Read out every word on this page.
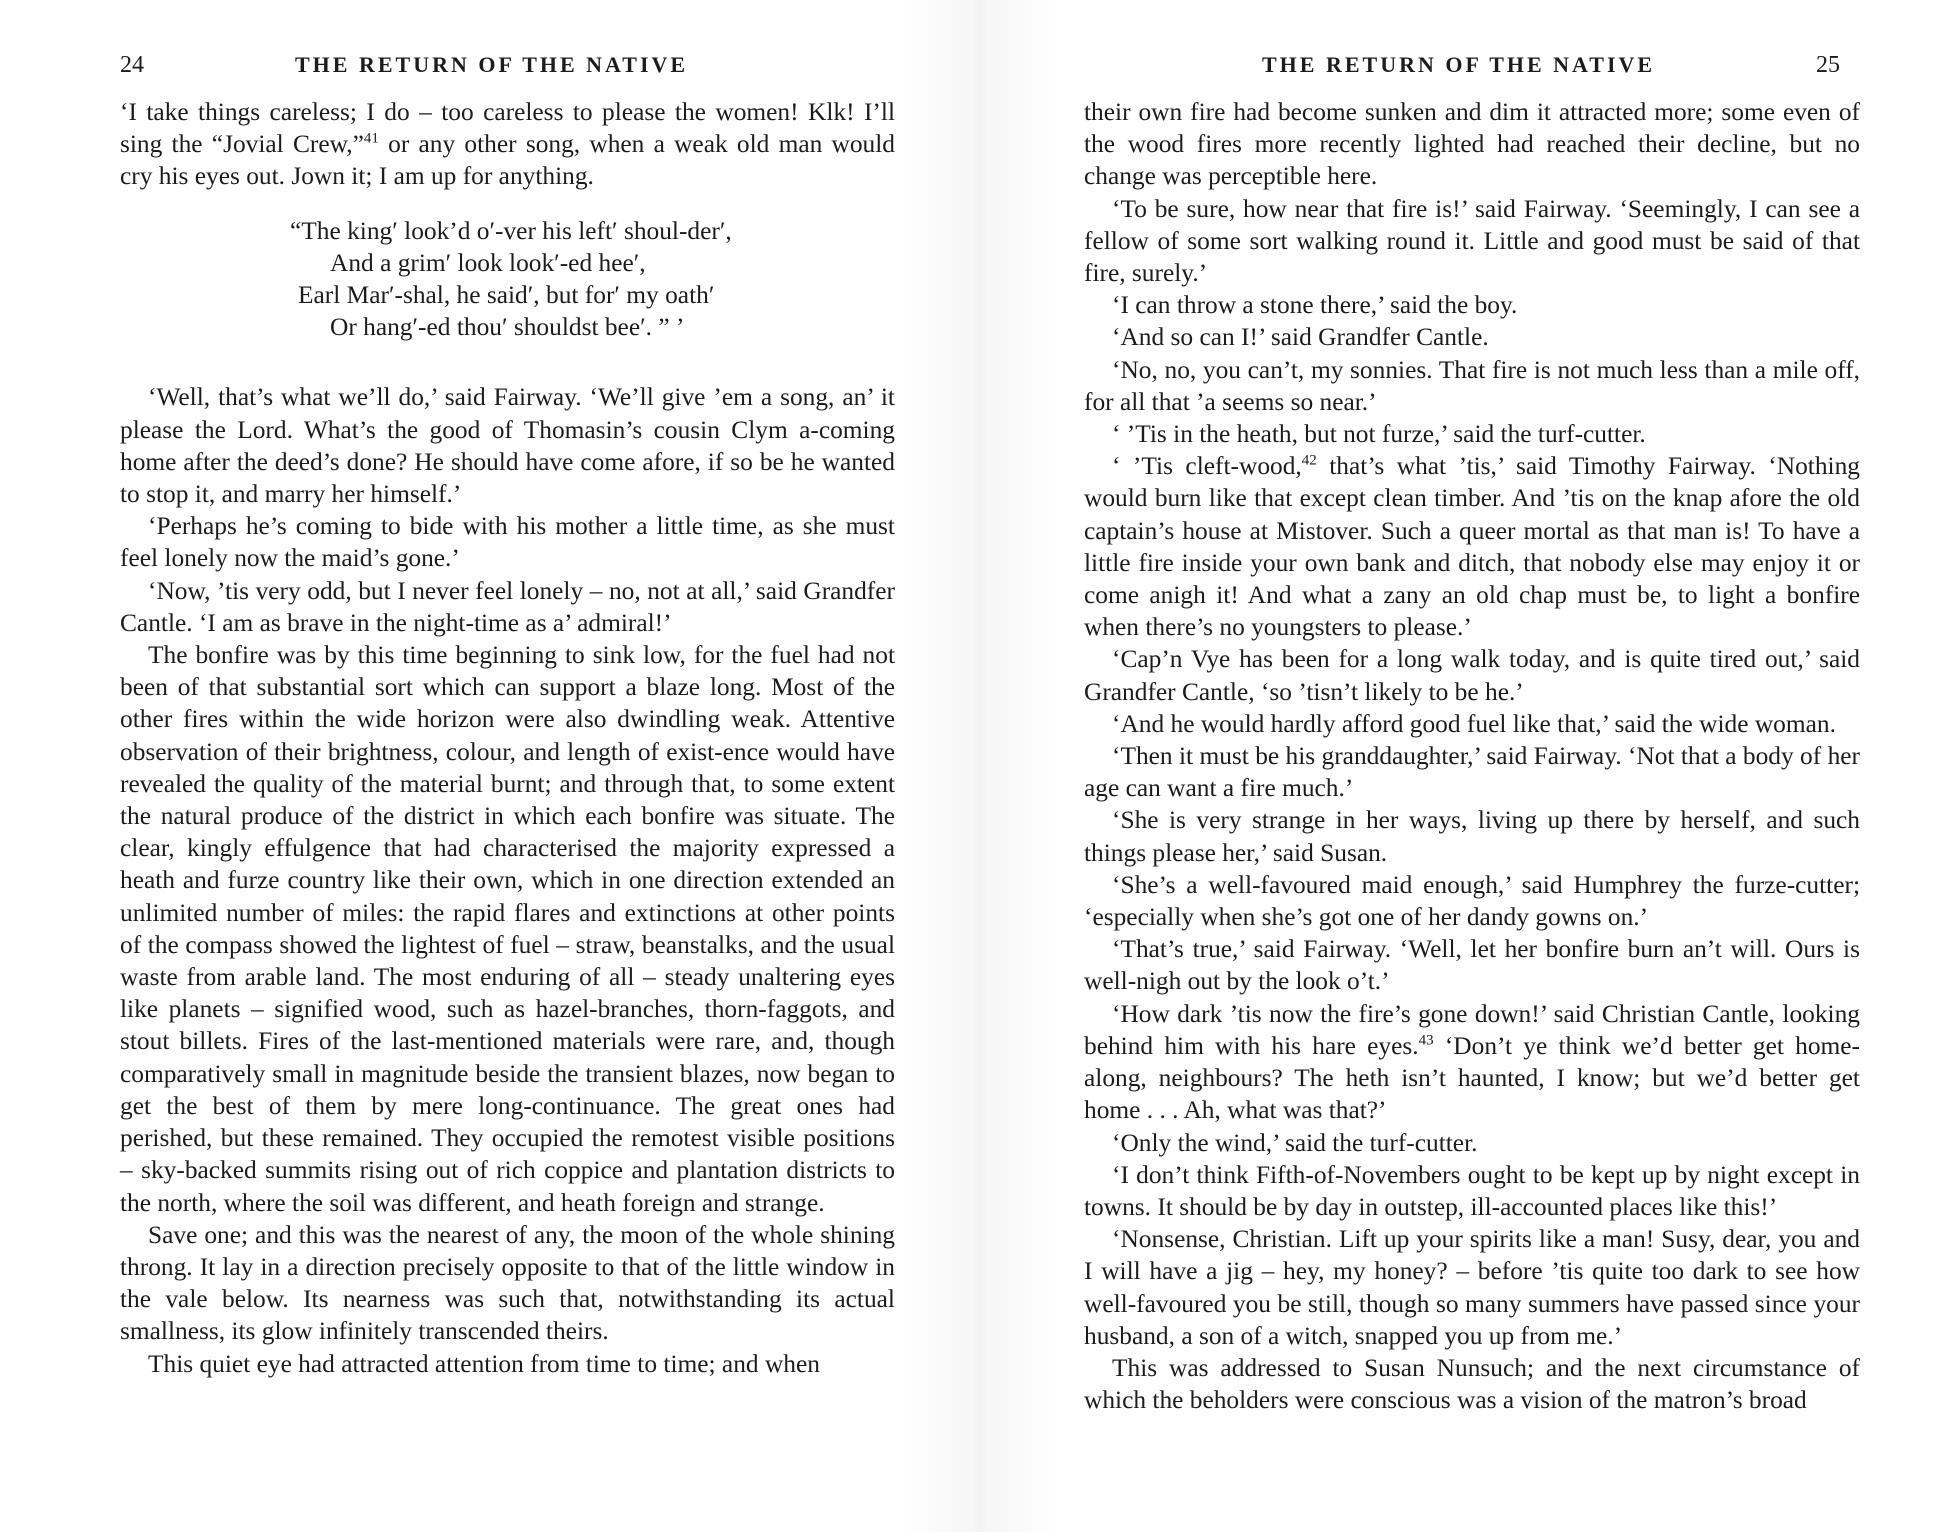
24	THE RETURN OF THE NATIVE

‘I take things careless; I do – too careless to please the women! Klk! I’ll sing the “Jovial Crew,”$^{41}$ or any other song, when a weak old man would cry his eyes out. Jown it; I am up for anything.

“The king′ look’d o′-ver his left′ shoul-der′,
And a grim′ look look′-ed hee′,
Earl Mar′-shal, he said′, but for′ my oath′
Or hang′-ed thou′ shouldst bee′. ” ’

‘Well, that’s what we’ll do,’ said Fairway. ‘We’ll give ’em a song, an’ it please the Lord. What’s the good of Thomasin’s cousin Clym a-coming home after the deed’s done? He should have come afore, if so be he wanted to stop it, and marry her himself.’

‘Perhaps he’s coming to bide with his mother a little time, as she must feel lonely now the maid’s gone.’

‘Now, ’tis very odd, but I never feel lonely – no, not at all,’ said Grandfer Cantle. ‘I am as brave in the night-time as a’ admiral!’

The bonfire was by this time beginning to sink low, for the fuel had not been of that substantial sort which can support a blaze long. Most of the other fires within the wide horizon were also dwindling weak. Attentive observation of their brightness, colour, and length of exist-ence would have revealed the quality of the material burnt; and through that, to some extent the natural produce of the district in which each bonfire was situate. The clear, kingly effulgence that had characterised the majority expressed a heath and furze country like their own, which in one direction extended an unlimited number of miles: the rapid flares and extinctions at other points of the compass showed the lightest of fuel – straw, beanstalks, and the usual waste from arable land. The most enduring of all – steady unaltering eyes like planets – signified wood, such as hazel-branches, thorn-faggots, and stout billets. Fires of the last-mentioned materials were rare, and, though comparatively small in magnitude beside the transient blazes, now began to get the best of them by mere long-continuance. The great ones had perished, but these remained. They occupied the remotest visible positions – sky-backed summits rising out of rich coppice and plantation districts to the north, where the soil was different, and heath foreign and strange.

Save one; and this was the nearest of any, the moon of the whole shining throng. It lay in a direction precisely opposite to that of the little window in the vale below. Its nearness was such that, notwithstanding its actual smallness, its glow infinitely transcended theirs.

This quiet eye had attracted attention from time to time; and when

THE RETURN OF THE NATIVE	25

their own fire had become sunken and dim it attracted more; some even of the wood fires more recently lighted had reached their decline, but no change was perceptible here.

‘To be sure, how near that fire is!’ said Fairway. ‘Seemingly, I can see a fellow of some sort walking round it. Little and good must be said of that fire, surely.’

‘I can throw a stone there,’ said the boy.

‘And so can I!’ said Grandfer Cantle.

‘No, no, you can’t, my sonnies. That fire is not much less than a mile off, for all that ’a seems so near.’

‘ ’Tis in the heath, but not furze,’ said the turf-cutter.

‘ ’Tis cleft-wood,$^{42}$ that’s what ’tis,’ said Timothy Fairway. ‘Nothing would burn like that except clean timber. And ’tis on the knap afore the old captain’s house at Mistover. Such a queer mortal as that man is! To have a little fire inside your own bank and ditch, that nobody else may enjoy it or come anigh it! And what a zany an old chap must be, to light a bonfire when there’s no youngsters to please.’

‘Cap’n Vye has been for a long walk today, and is quite tired out,’ said Grandfer Cantle, ‘so ’tisn’t likely to be he.’

‘And he would hardly afford good fuel like that,’ said the wide woman.

‘Then it must be his granddaughter,’ said Fairway. ‘Not that a body of her age can want a fire much.’

‘She is very strange in her ways, living up there by herself, and such things please her,’ said Susan.

‘She’s a well-favoured maid enough,’ said Humphrey the furze-cutter; ‘especially when she’s got one of her dandy gowns on.’

‘That’s true,’ said Fairway. ‘Well, let her bonfire burn an’t will. Ours is well-nigh out by the look o’t.’

‘How dark ’tis now the fire’s gone down!’ said Christian Cantle, looking behind him with his hare eyes.$^{43}$ ‘Don’t ye think we’d better get home-along, neighbours? The heth isn’t haunted, I know; but we’d better get home . . . Ah, what was that?’

‘Only the wind,’ said the turf-cutter.

‘I don’t think Fifth-of-Novembers ought to be kept up by night except in towns. It should be by day in outstep, ill-accounted places like this!’

‘Nonsense, Christian. Lift up your spirits like a man! Susy, dear, you and I will have a jig – hey, my honey? – before ’tis quite too dark to see how well-favoured you be still, though so many summers have passed since your husband, a son of a witch, snapped you up from me.’

This was addressed to Susan Nunsuch; and the next circumstance of which the beholders were conscious was a vision of the matron’s broad
